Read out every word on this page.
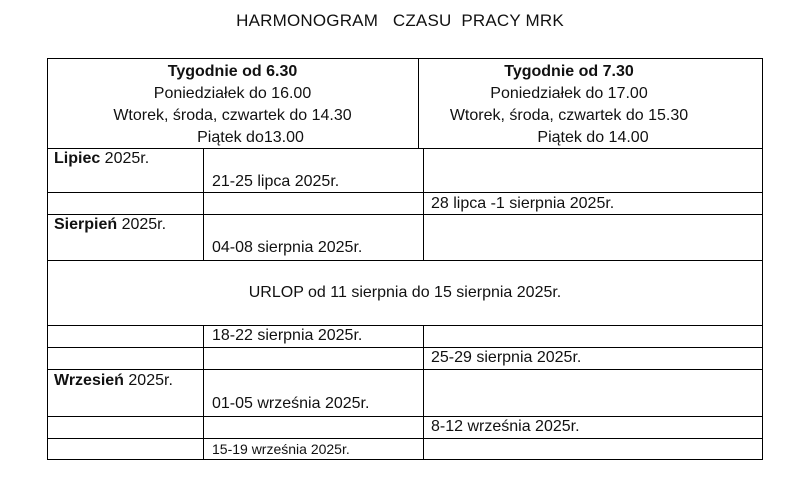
HARMONOGRAM   CZASU  PRACY MRK
Tygodnie od 6.30
Poniedziałek do 16.00
Wtorek, środa, czwartek do 14.30
Piątek do13.00
Tygodnie od 7.30
Poniedziałek do 17.00
Wtorek, środa, czwartek do 15.30
Piątek do 14.00
Lipiec 2025r.
21-25 lipca 2025r.
28 lipca -1 sierpnia 2025r.
Sierpień 2025r.
04-08 sierpnia 2025r.
URLOP od 11 sierpnia do 15 sierpnia 2025r.
18-22 sierpnia 2025r.
25-29 sierpnia 2025r.
Wrzesień 2025r.
01-05 września 2025r.
8-12 września 2025r.
15-19 września 2025r.
